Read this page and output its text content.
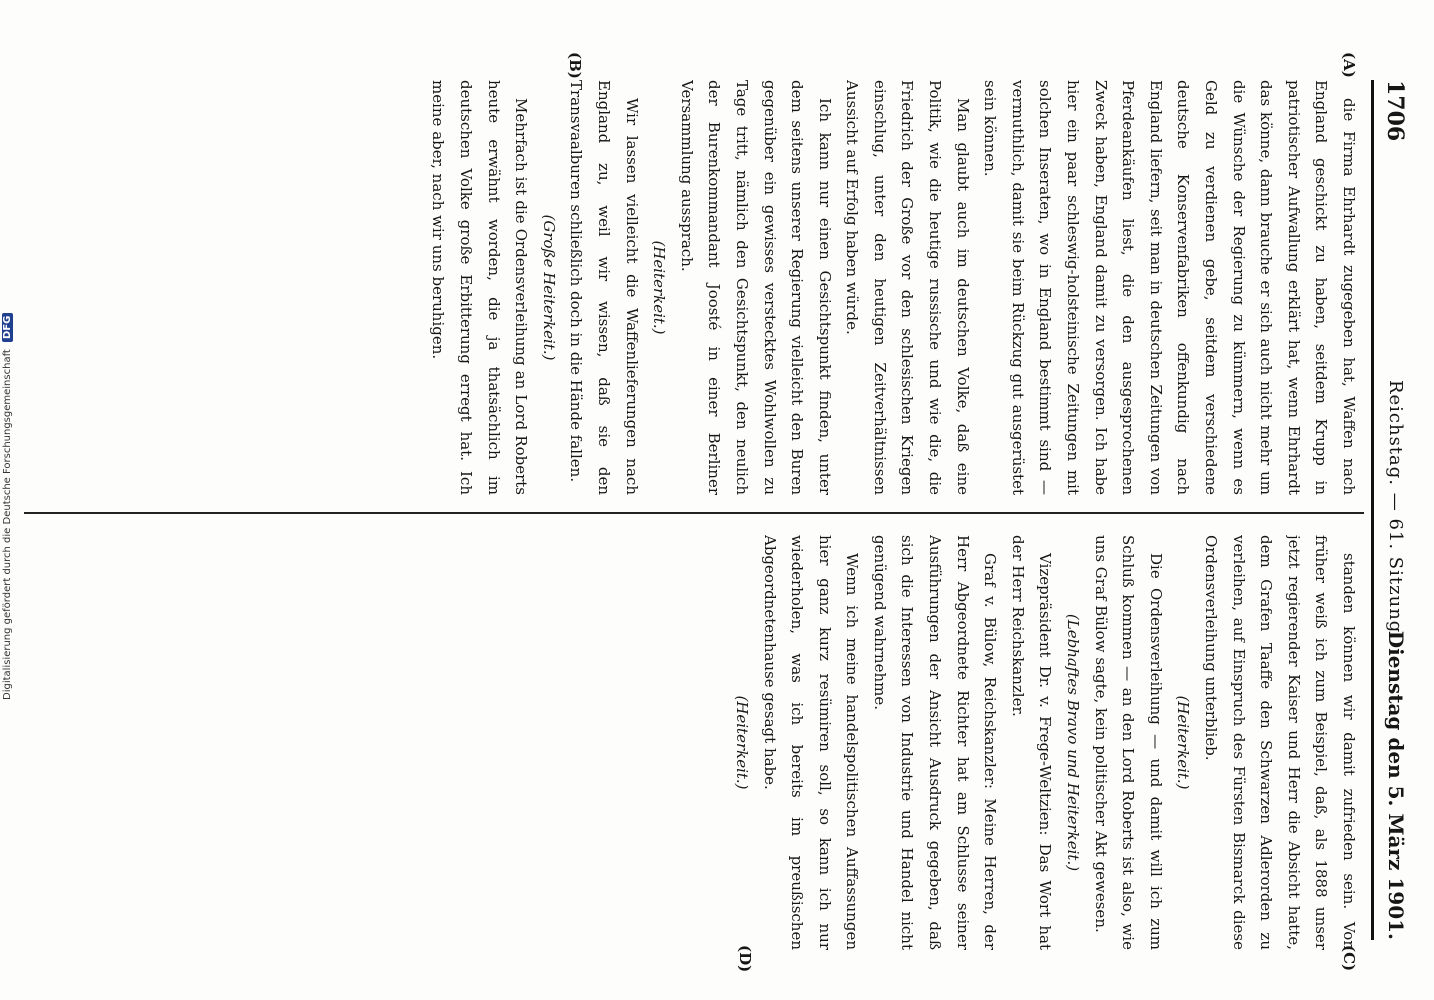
1706
Reichstag. — 61. Sitzung.
Dienstag den 5. März 1901.
(A)
(B)
(C)
(D)

die Firma Ehrhardt zugegeben hat, Waffen nach England geschickt zu haben, seitdem Krupp in patriotischer Aufwallung erklärt hat, wenn Ehrhardt das könne, dann brauche er sich auch nicht mehr um die Wünsche der Regierung zu kümmern, wenn es Geld zu verdienen gebe, seitdem verschiedene deutsche Konservenfabriken offenkundig nach England liefern, seit man in deutschen Zeitungen von Pferdeankäufen liest, die den ausgesprochenen Zweck haben, England damit zu versorgen. Ich habe hier ein paar schleswig-holsteinische Zeitungen mit solchen Inseraten, wo in England bestimmt sind — vermuthlich, damit sie beim Rückzug gut ausgerüstet sein können.

Man glaubt auch im deutschen Volke, daß eine Politik, wie die heutige russische und wie die, die Friedrich der Große vor den schlesischen Kriegen einschlug, unter den heutigen Zeitverhältnissen Aussicht auf Erfolg haben würde.

Ich kann nur einen Gesichtspunkt finden, unter dem seitens unserer Regierung vielleicht den Buren gegenüber ein gewisses verstecktes Wohlwollen zu Tage tritt, nämlich den Gesichtspunkt, den neulich der Burenkommandant Joosté in einer Berliner Versammlung aussprach.

(Heiterkeit.)

Wir lassen vielleicht die Waffenlieferungen nach England zu, weil wir wissen, daß sie den Transvaalburen schließlich doch in die Hände fallen.

(Große Heiterkeit.)

Mehrfach ist die Ordensverleihung an Lord Roberts heute erwähnt worden, die ja thatsächlich im deutschen Volke große Erbitterung erregt hat. Ich meine aber, nach wir uns beruhigen.

standen können wir damit zufrieden sein. Von früher weiß ich zum Beispiel, daß, als 1888 unser jetzt regierender Kaiser und Herr die Absicht hatte, dem Grafen Taaffe den Schwarzen Adlerorden zu verleihen, auf Einspruch des Fürsten Bismarck diese Ordensverleihung unterblieb.

(Heiterkeit.)

Die Ordensverleihung — und damit will ich zum Schluß kommen — an den Lord Roberts ist also, wie uns Graf Bülow sagte, kein politischer Akt gewesen.

(Lebhaftes Bravo und Heiterkeit.)

Vizepräsident Dr. v. Frege-Weltzien: Das Wort hat der Herr Reichskanzler.

Graf v. Bülow, Reichskanzler: Meine Herren, der Herr Abgeordnete Richter hat am Schlusse seiner Ausführungen der Ansicht Ausdruck gegeben, daß sich die Interessen von Industrie und Handel nicht genügend wahrnehme.

Wenn ich meine handelspolitischen Auffassungen hier ganz kurz resümiren soll, so kann ich nur wiederholen, was ich bereits im preußischen Abgeordnetenhause gesagt habe.

(Heiterkeit.)

Digitalisierung gefördert durch die Deutsche Forschungsgemeinschaft DFG
